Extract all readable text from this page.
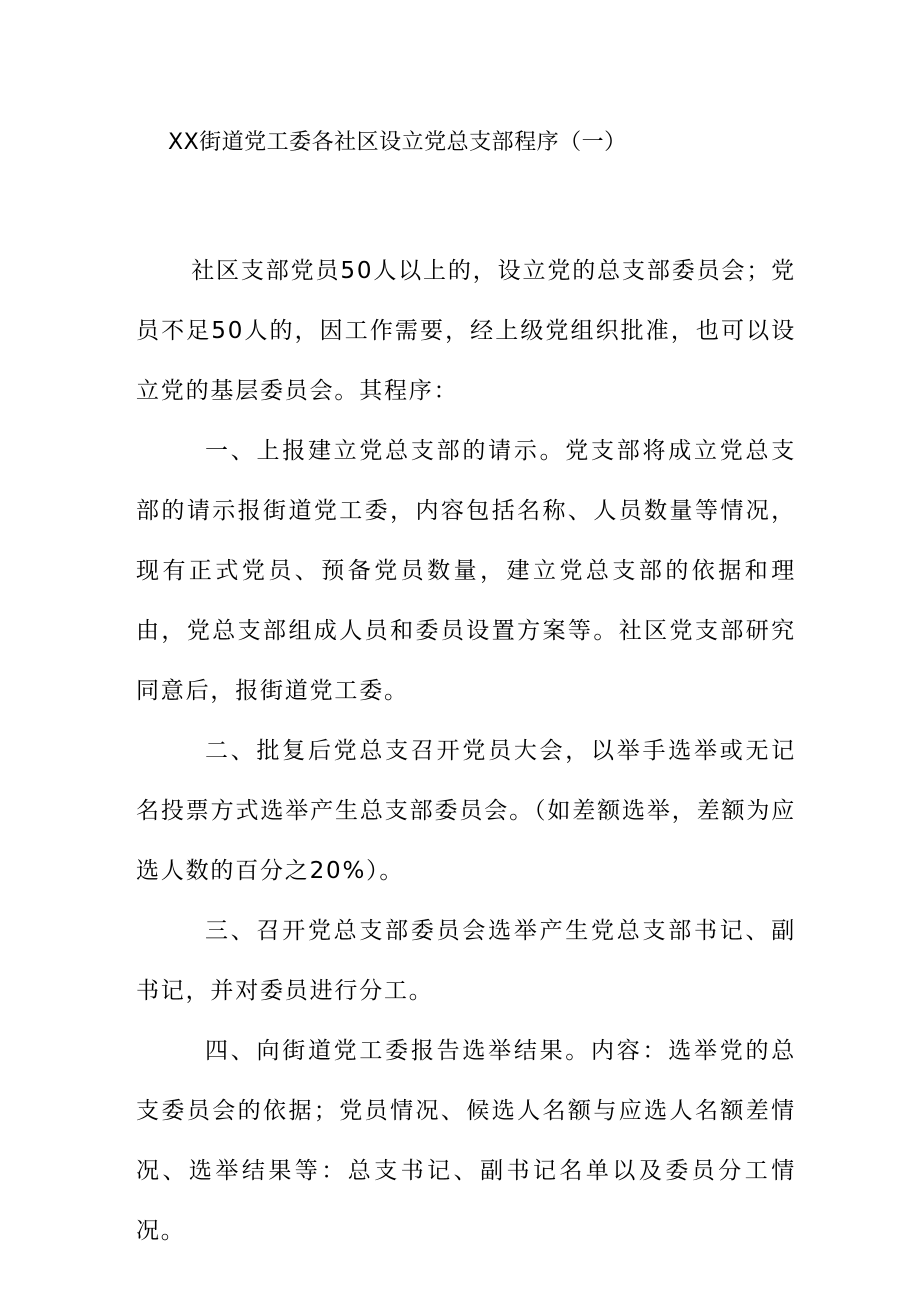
XX街道党工委各社区设立党总支部程序（一）

社区支部党员50人以上的，设立党的总支部委员会；党员不足50人的，因工作需要，经上级党组织批准，也可以设立党的基层委员会。其程序：

一、上报建立党总支部的请示。党支部将成立党总支部的请示报街道党工委，内容包括名称、人员数量等情况，现有正式党员、预备党员数量，建立党总支部的依据和理由，党总支部组成人员和委员设置方案等。社区党支部研究同意后，报街道党工委。

二、批复后党总支召开党员大会，以举手选举或无记名投票方式选举产生总支部委员会。（如差额选举，差额为应选人数的百分之20%）。

三、召开党总支部委员会选举产生党总支部书记、副书记，并对委员进行分工。

四、向街道党工委报告选举结果。内容：选举党的总支委员会的依据；党员情况、候选人名额与应选人名额差情况、选举结果等：总支书记、副书记名单以及委员分工情况。
